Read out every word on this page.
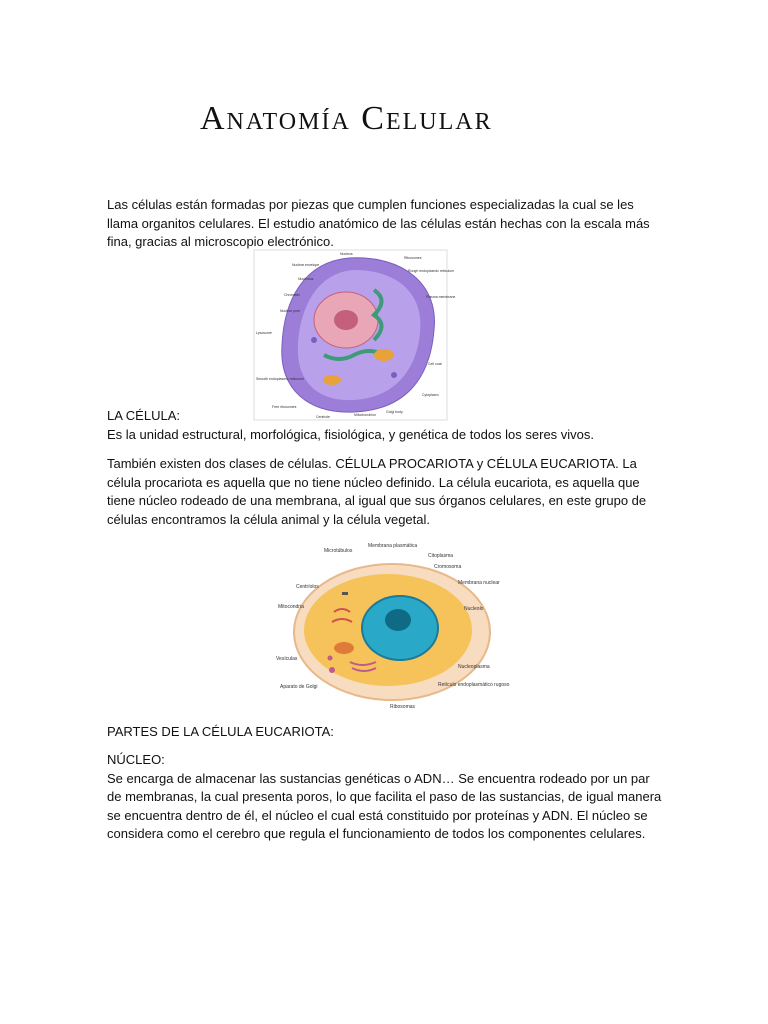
Anatomía Celular
Las células están formadas por piezas que cumplen funciones especializadas la cual se les llama organitos celulares. El estudio anatómico de las células están hechas con la escala más fina, gracias al microscopio electrónico.
Nucleus
Ribosomes
Nuclear envelope
Rough endoplasmic reticulum
Nucleolus
Chromatin	Plasma membrane
Nuclear pore
Lysosome
Cell coat
Smooth endoplasmic reticulum
Cytoplasm
Free ribosomes
Centriole	Mitochondrion
Golgi body
LA CÉLULA:
Es la unidad estructural, morfológica, fisiológica, y genética de todos los seres vivos.
También existen dos clases de células. CÉLULA PROCARIOTA y CÉLULA EUCARIOTA. La célula procariota es aquella que no tiene núcleo definido. La célula eucariota, es aquella que tiene núcleo rodeado de una membrana, al igual que sus órganos celulares, en este grupo de células encontramos la célula animal y la célula vegetal.
Microtúbulos
Membrana plasmática
Citoplasma
Cromosoma
Centríolos
Membrana nuclear
Mitocondria	Nucleolo
Vesículas
Nucleoplasma
Aparato de Golgi	Retículo endoplasmático rugoso
Ribosomas
PARTES DE LA CÉLULA EUCARIOTA:
NÚCLEO:
Se encarga de almacenar las sustancias genéticas o ADN… Se encuentra rodeado por un par de membranas, la cual presenta poros, lo que facilita el paso de las sustancias, de igual manera se encuentra dentro de él, el núcleo el cual está constituido por proteínas y ADN. El núcleo se considera como el cerebro que regula el funcionamiento de todos los componentes celulares.
